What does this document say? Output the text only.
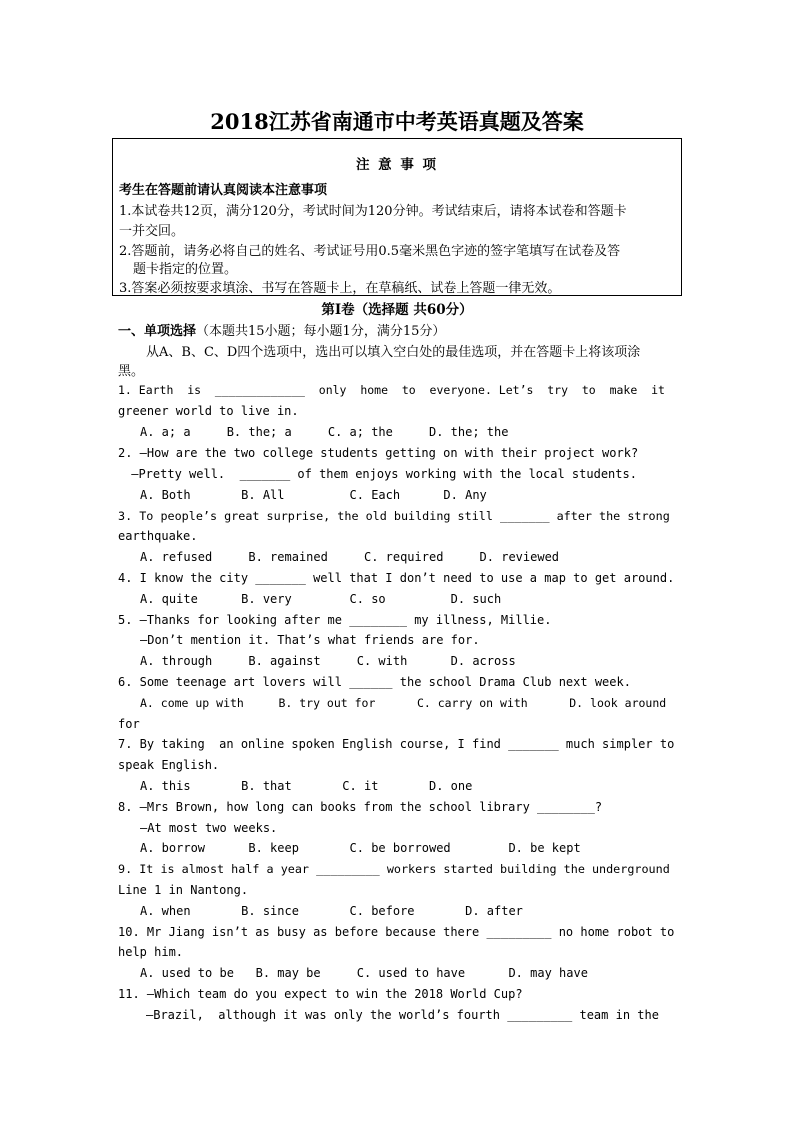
2018江苏省南通市中考英语真题及答案
注 意 事 项
考生在答题前请认真阅读本注意事项
1.本试卷共12页，满分120分，考试时间为120分钟。考试结束后，请将本试卷和答题卡
一并交回。
2.答题前，请务必将自己的姓名、考试证号用0.5毫米黑色字迹的签字笔填写在试卷及答
题卡指定的位置。
3.答案必须按要求填涂、书写在答题卡上，在草稿纸、试卷上答题一律无效。
第Ⅰ卷（选择题 共60分）
一、单项选择（本题共15小题；每小题1分，满分15分）
从A、B、C、D四个选项中，选出可以填入空白处的最佳选项，并在答题卡上将该项涂
黑。
1. Earth  is  _____________  only  home  to  everyone. Let’s  try  to  make  it
greener world to live in.
A. a; a     B. the; a     C. a; the     D. the; the
2. —How are the two college students getting on with their project work?
—Pretty well.  _______ of them enjoys working with the local students.
A. Both       B. All         C. Each      D. Any
3. To people’s great surprise, the old building still _______ after the strong
earthquake.
A. refused     B. remained     C. required     D. reviewed
4. I know the city _______ well that I don’t need to use a map to get around.
A. quite      B. very        C. so         D. such
5. —Thanks for looking after me ________ my illness, Millie.
—Don’t mention it. That’s what friends are for.
A. through     B. against     C. with      D. across
6. Some teenage art lovers will ______ the school Drama Club next week.
A. come up with     B. try out for      C. carry on with      D. look around
for
7. By taking  an online spoken English course, I find _______ much simpler to
speak English.
A. this       B. that       C. it       D. one
8. —Mrs Brown, how long can books from the school library ________?
—At most two weeks.
A. borrow      B. keep       C. be borrowed        D. be kept
9. It is almost half a year _________ workers started building the underground
Line 1 in Nantong.
A. when       B. since       C. before       D. after
10. Mr Jiang isn’t as busy as before because there _________ no home robot to
help him.
A. used to be   B. may be     C. used to have      D. may have
11. —Which team do you expect to win the 2018 World Cup?
—Brazil,  although it was only the world’s fourth _________ team in the
